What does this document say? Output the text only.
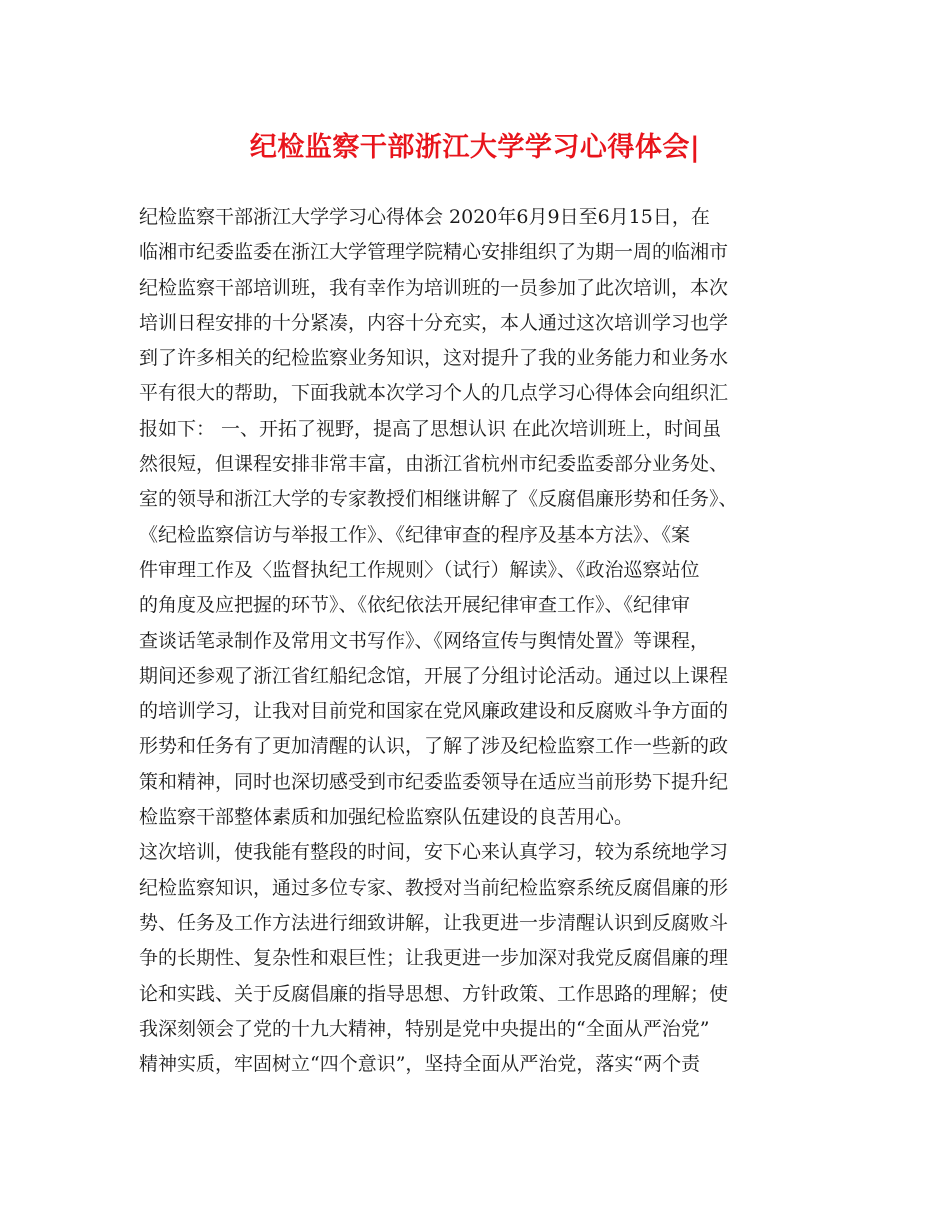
纪检监察干部浙江大学学习心得体会|
纪检监察干部浙江大学学习心得体会 2020年6月9日至6月15日，在
临湘市纪委监委在浙江大学管理学院精心安排组织了为期一周的临湘市
纪检监察干部培训班，我有幸作为培训班的一员参加了此次培训，本次
培训日程安排的十分紧凑，内容十分充实，本人通过这次培训学习也学
到了许多相关的纪检监察业务知识，这对提升了我的业务能力和业务水
平有很大的帮助，下面我就本次学习个人的几点学习心得体会向组织汇
报如下： 一、开拓了视野，提高了思想认识 在此次培训班上，时间虽
然很短，但课程安排非常丰富，由浙江省杭州市纪委监委部分业务处、
室的领导和浙江大学的专家教授们相继讲解了《反腐倡廉形势和任务》、
《纪检监察信访与举报工作》、《纪律审查的程序及基本方法》、《案
件审理工作及〈监督执纪工作规则〉（试行）解读》、《政治巡察站位
的角度及应把握的环节》、《依纪依法开展纪律审查工作》、《纪律审
查谈话笔录制作及常用文书写作》、《网络宣传与舆情处置》等课程，
期间还参观了浙江省红船纪念馆，开展了分组讨论活动。通过以上课程
的培训学习，让我对目前党和国家在党风廉政建设和反腐败斗争方面的
形势和任务有了更加清醒的认识，了解了涉及纪检监察工作一些新的政
策和精神，同时也深切感受到市纪委监委领导在适应当前形势下提升纪
检监察干部整体素质和加强纪检监察队伍建设的良苦用心。
这次培训，使我能有整段的时间，安下心来认真学习，较为系统地学习
纪检监察知识，通过多位专家、教授对当前纪检监察系统反腐倡廉的形
势、任务及工作方法进行细致讲解，让我更进一步清醒认识到反腐败斗
争的长期性、复杂性和艰巨性；让我更进一步加深对我党反腐倡廉的理
论和实践、关于反腐倡廉的指导思想、方针政策、工作思路的理解；使
我深刻领会了党的十九大精神，特别是党中央提出的“全面从严治党”
精神实质，牢固树立“四个意识”，坚持全面从严治党，落实“两个责
